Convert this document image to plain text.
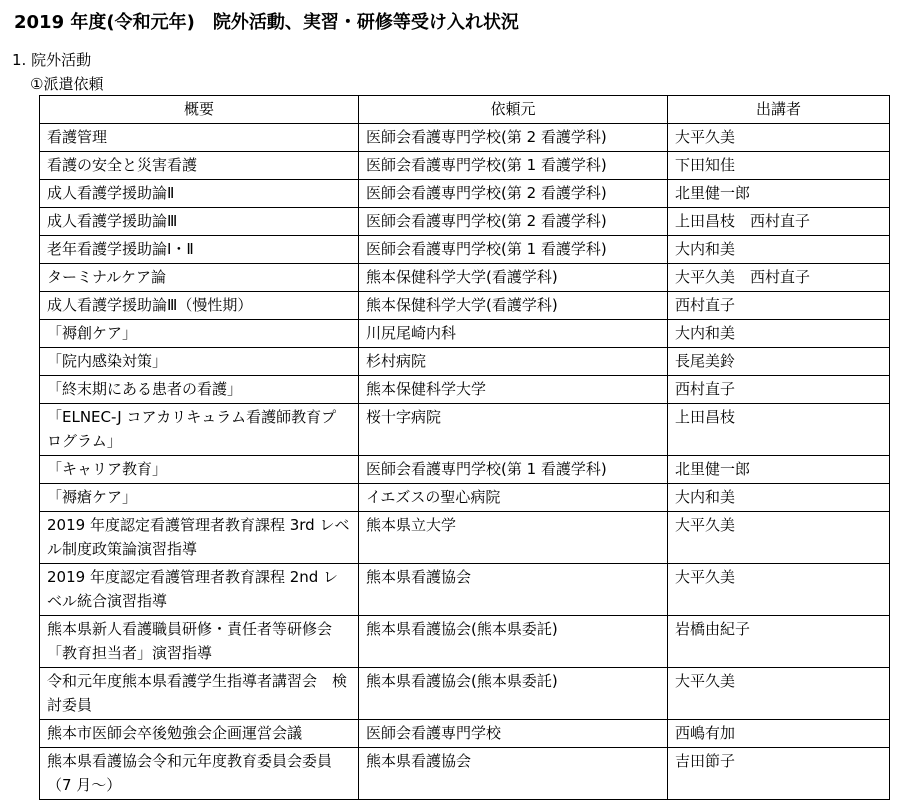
2019 年度(令和元年)　院外活動、実習・研修等受け入れ状況
1. 院外活動
①派遣依頼
概要	依頼元	出講者
看護管理	医師会看護専門学校(第 2 看護学科)	大平久美
看護の安全と災害看護	医師会看護専門学校(第 1 看護学科)	下田知佳
成人看護学援助論Ⅱ	医師会看護専門学校(第 2 看護学科)	北里健一郎
成人看護学援助論Ⅲ	医師会看護専門学校(第 2 看護学科)	上田昌枝　西村直子
老年看護学援助論Ⅰ・Ⅱ	医師会看護専門学校(第 1 看護学科)	大内和美
ターミナルケア論	熊本保健科学大学(看護学科)	大平久美　西村直子
成人看護学援助論Ⅲ（慢性期）	熊本保健科学大学(看護学科)	西村直子
「褥創ケア」	川尻尾崎内科	大内和美
「院内感染対策」	杉村病院	長尾美鈴
「終末期にある患者の看護」	熊本保健科学大学	西村直子
「ELNEC-J コアカリキュラム看護師教育プログラム」	桜十字病院	上田昌枝
「キャリア教育」	医師会看護専門学校(第 1 看護学科)	北里健一郎
「褥瘡ケア」	イエズスの聖心病院	大内和美
2019 年度認定看護管理者教育課程 3rd レベル制度政策論演習指導	熊本県立大学	大平久美
2019 年度認定看護管理者教育課程 2nd レベル統合演習指導	熊本県看護協会	大平久美
熊本県新人看護職員研修・責任者等研修会「教育担当者」演習指導	熊本県看護協会(熊本県委託)	岩橋由紀子
令和元年度熊本県看護学生指導者講習会　検討委員	熊本県看護協会(熊本県委託)	大平久美
熊本市医師会卒後勉強会企画運営会議	医師会看護専門学校	西嶋有加
熊本県看護協会令和元年度教育委員会委員（7 月～）	熊本県看護協会	吉田節子
